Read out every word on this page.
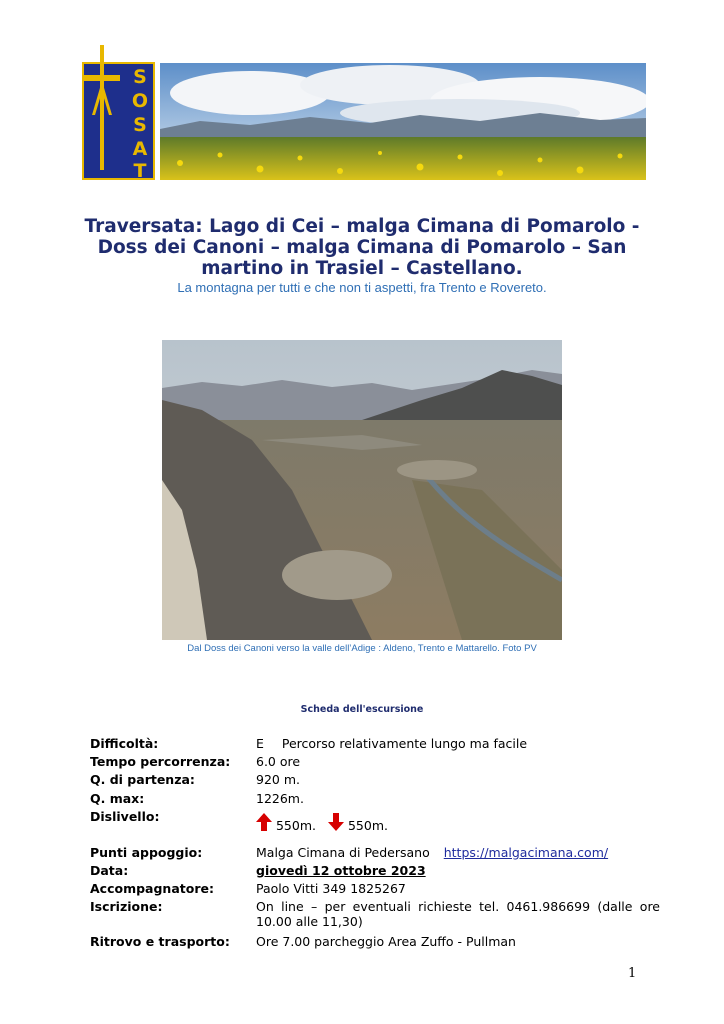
S
O
S
A
T
Traversata: Lago di Cei – malga Cimana di Pomarolo -
Doss dei Canoni – malga Cimana di Pomarolo – San
martino in Trasiel – Castellano.
La montagna per tutti e che non ti aspetti, fra Trento e Rovereto.
Dal Doss dei Canoni verso la valle dell’Adige : Aldeno, Trento e Mattarello. Foto PV
Scheda dell'escursione
Difficoltà:	E Percorso relativamente lungo ma facile
Tempo percorrenza: 6.0 ore
Q. di partenza:	920 m.
Q. max:	1226m.
Dislivello:
550m.	550m.
Punti appoggio:	Malga Cimana di Pedersano https://malgacimana.com/
Data:	giovedì 12 ottobre 2023
Accompagnatore:	Paolo Vitti 349 1825267
Iscrizione:	On line – per eventuali richieste tel. 0461.986699 (dalle ore 10.00 alle 11,30)
Ritrovo e trasporto: Ore 7.00 parcheggio Area Zuffo - Pullman
1
